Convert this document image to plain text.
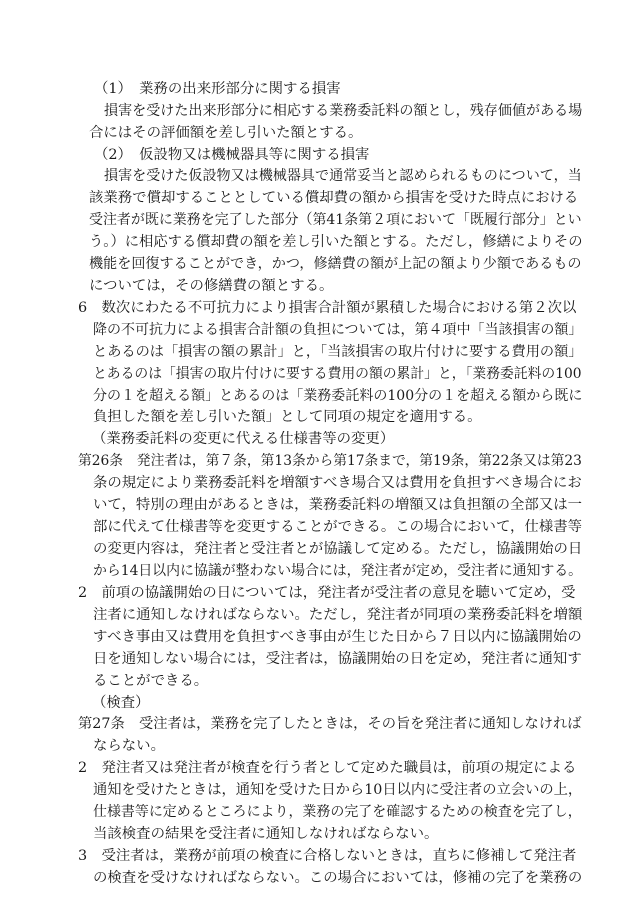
（1）　業務の出来形部分に関する損害
損害を受けた出来形部分に相応する業務委託料の額とし，残存価値がある場
合にはその評価額を差し引いた額とする。
（2）　仮設物又は機械器具等に関する損害
損害を受けた仮設物又は機械器具で通常妥当と認められるものについて，当
該業務で償却することとしている償却費の額から損害を受けた時点における
受注者が既に業務を完了した部分（第41条第２項において「既履行部分」とい
う。）に相応する償却費の額を差し引いた額とする。ただし，修繕によりその
機能を回復することができ，かつ，修繕費の額が上記の額より少額であるもの
については，その修繕費の額とする。
6　数次にわたる不可抗力により損害合計額が累積した場合における第２次以
降の不可抗力による損害合計額の負担については，第４項中「当該損害の額」
とあるのは「損害の額の累計」と，「当該損害の取片付けに要する費用の額」
とあるのは「損害の取片付けに要する費用の額の累計」と，「業務委託料の100
分の１を超える額」とあるのは「業務委託料の100分の１を超える額から既に
負担した額を差し引いた額」として同項の規定を適用する。
（業務委託料の変更に代える仕様書等の変更）
第26条　発注者は，第７条，第13条から第17条まで，第19条，第22条又は第23
条の規定により業務委託料を増額すべき場合又は費用を負担すべき場合にお
いて，特別の理由があるときは，業務委託料の増額又は負担額の全部又は一
部に代えて仕様書等を変更することができる。この場合において，仕様書等
の変更内容は，発注者と受注者とが協議して定める。ただし，協議開始の日
から14日以内に協議が整わない場合には，発注者が定め，受注者に通知する。
2　前項の協議開始の日については，発注者が受注者の意見を聴いて定め，受
注者に通知しなければならない。ただし，発注者が同項の業務委託料を増額
すべき事由又は費用を負担すべき事由が生じた日から７日以内に協議開始の
日を通知しない場合には，受注者は，協議開始の日を定め，発注者に通知す
ることができる。
（検査）
第27条　受注者は，業務を完了したときは，その旨を発注者に通知しなければ
ならない。
2　発注者又は発注者が検査を行う者として定めた職員は，前項の規定による
通知を受けたときは，通知を受けた日から10日以内に受注者の立会いの上，
仕様書等に定めるところにより，業務の完了を確認するための検査を完了し，
当該検査の結果を受注者に通知しなければならない。
3　受注者は，業務が前項の検査に合格しないときは，直ちに修補して発注者
の検査を受けなければならない。この場合においては，修補の完了を業務の
